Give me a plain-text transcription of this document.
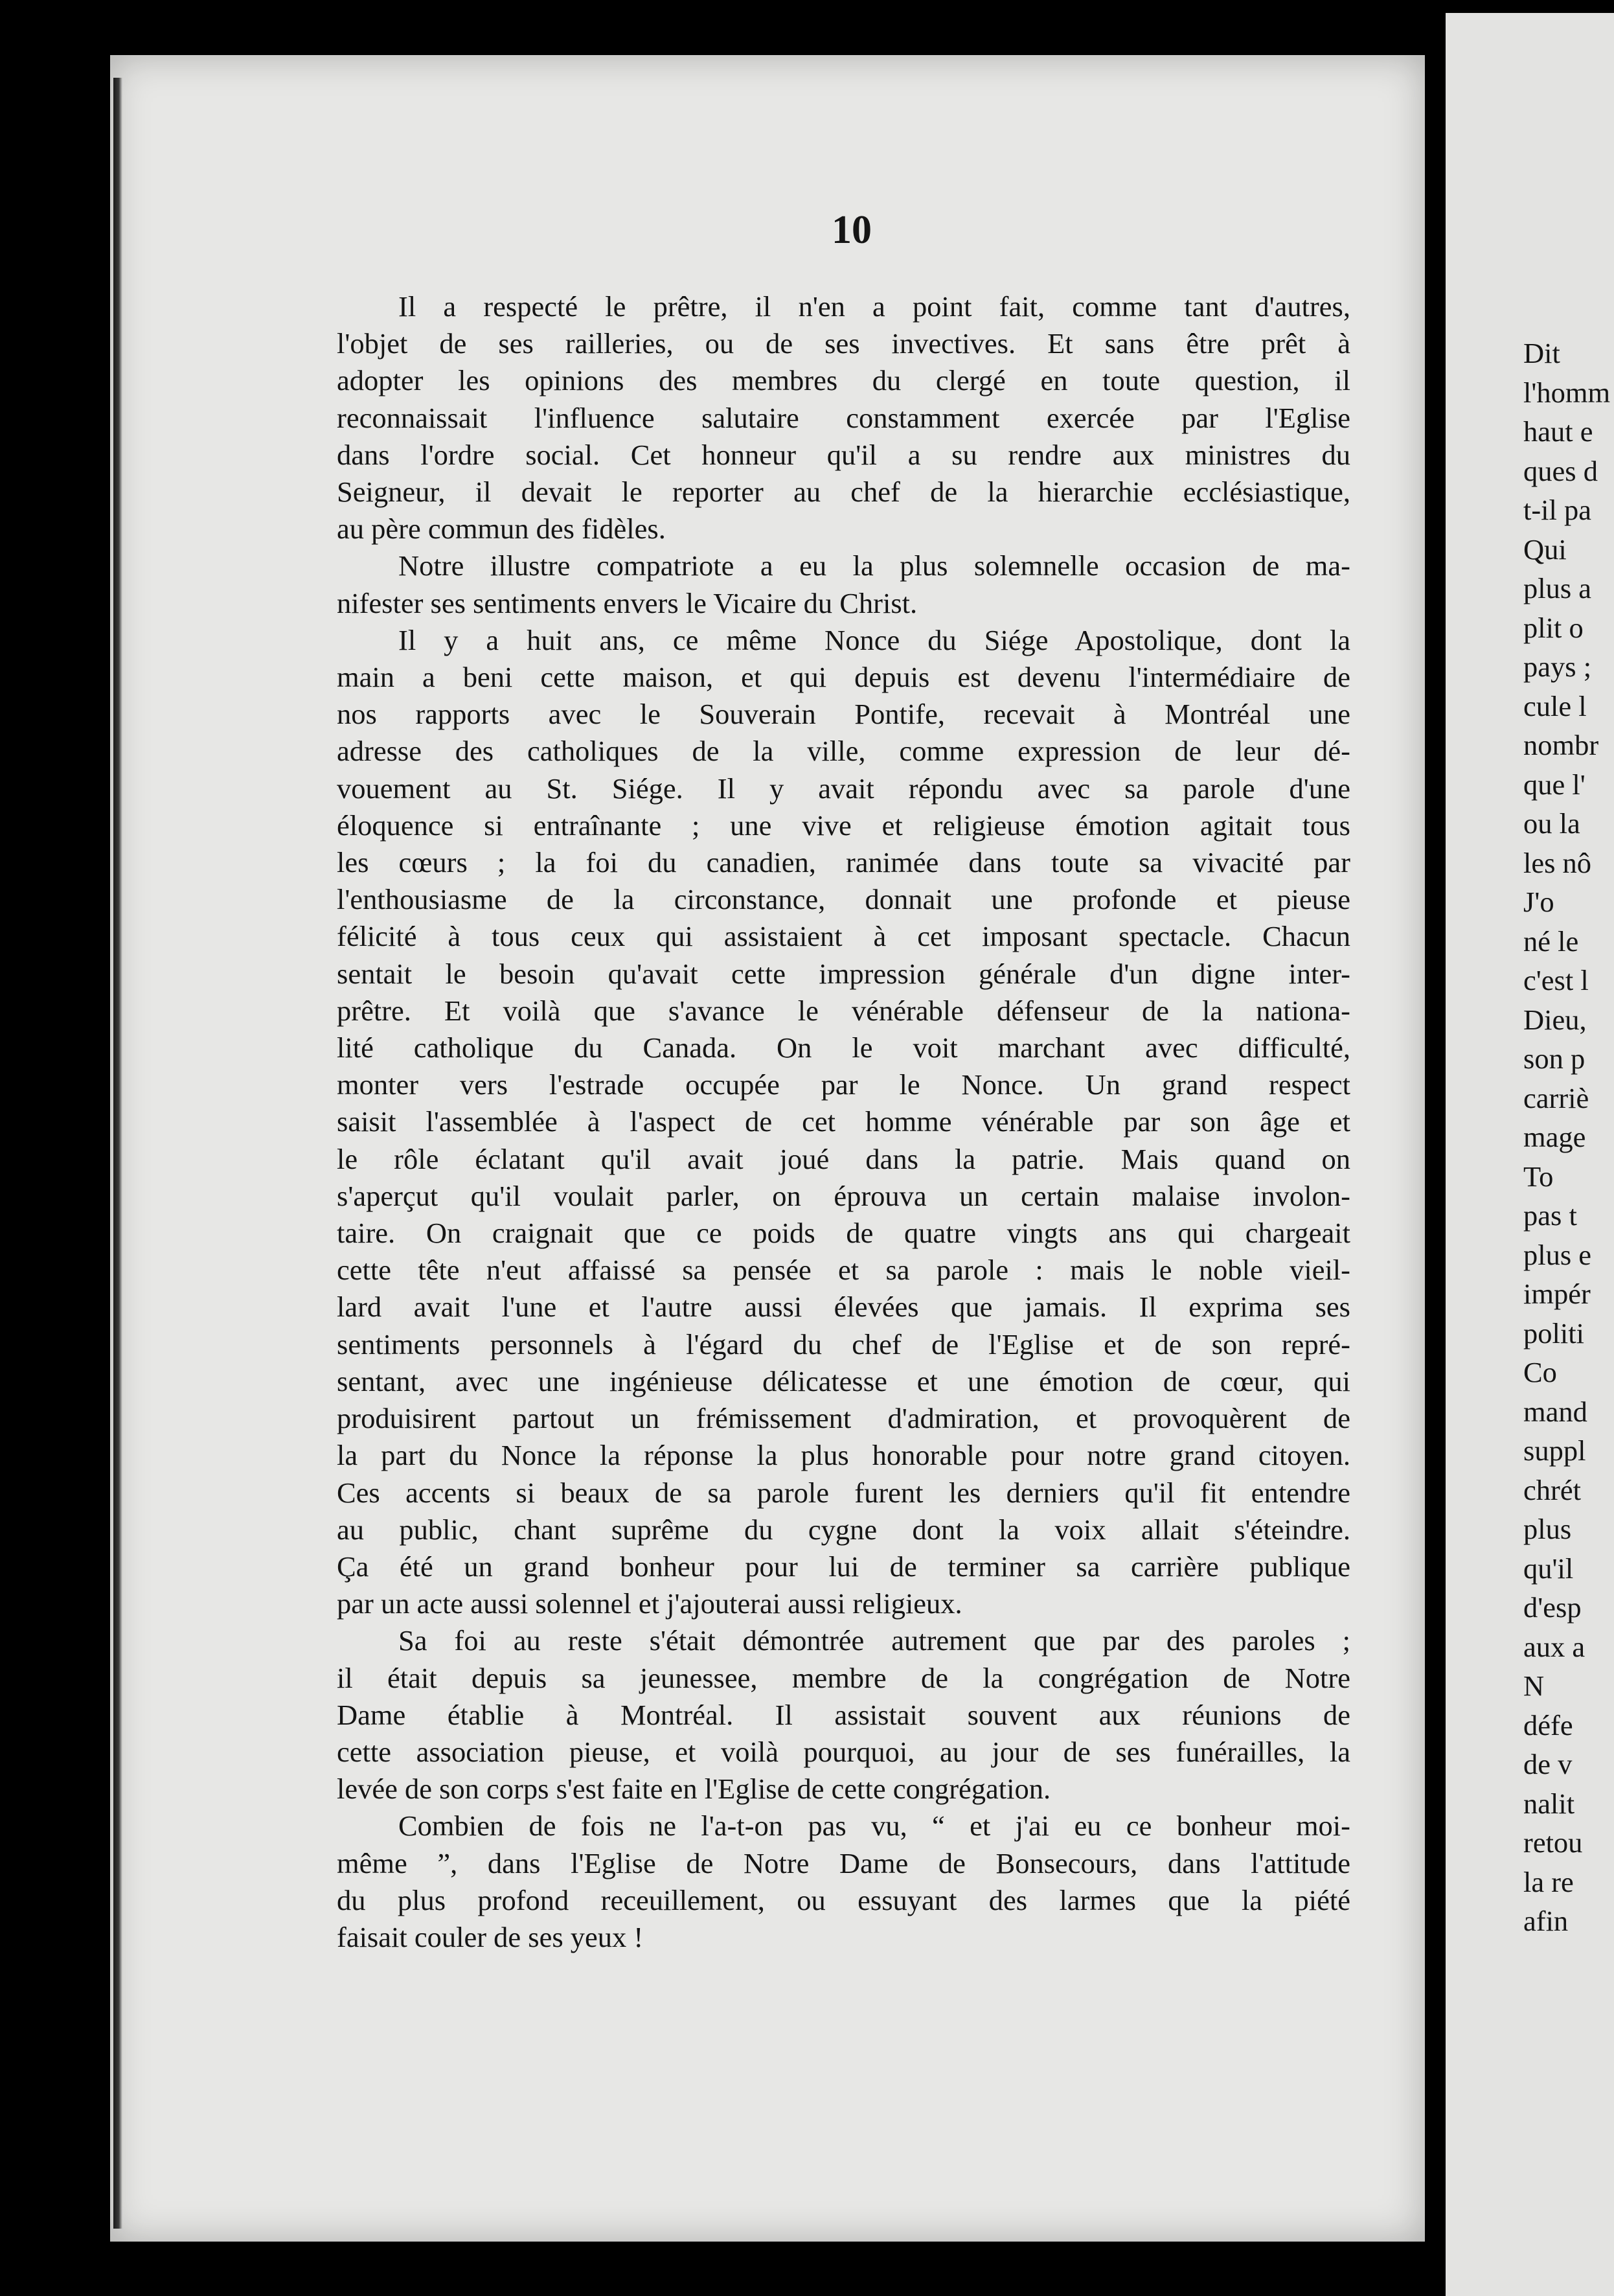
10
Il a respecté le prêtre, il n'en a point fait, comme tant d'autres,
l'objet de ses railleries, ou de ses invectives. Et sans être prêt à
adopter les opinions des membres du clergé en toute question, il
reconnaissait l'influence salutaire constamment exercée par l'Eglise
dans l'ordre social. Cet honneur qu'il a su rendre aux ministres du
Seigneur, il devait le reporter au chef de la hierarchie ecclésiastique,
au père commun des fidèles.
Notre illustre compatriote a eu la plus solemnelle occasion de ma-
nifester ses sentiments envers le Vicaire du Christ.
Il y a huit ans, ce même Nonce du Siége Apostolique, dont la
main a beni cette maison, et qui depuis est devenu l'intermédiaire de
nos rapports avec le Souverain Pontife, recevait à Montréal une
adresse des catholiques de la ville, comme expression de leur dé-
vouement au St. Siége. Il y avait répondu avec sa parole d'une
éloquence si entraînante ; une vive et religieuse émotion agitait tous
les cœurs ; la foi du canadien, ranimée dans toute sa vivacité par
l'enthousiasme de la circonstance, donnait une profonde et pieuse
félicité à tous ceux qui assistaient à cet imposant spectacle. Chacun
sentait le besoin qu'avait cette impression générale d'un digne inter-
prêtre. Et voilà que s'avance le vénérable défenseur de la nationa-
lité catholique du Canada. On le voit marchant avec difficulté,
monter vers l'estrade occupée par le Nonce. Un grand respect
saisit l'assemblée à l'aspect de cet homme vénérable par son âge et
le rôle éclatant qu'il avait joué dans la patrie. Mais quand on
s'aperçut qu'il voulait parler, on éprouva un certain malaise involon-
taire. On craignait que ce poids de quatre vingts ans qui chargeait
cette tête n'eut affaissé sa pensée et sa parole : mais le noble vieil-
lard avait l'une et l'autre aussi élevées que jamais. Il exprima ses
sentiments personnels à l'égard du chef de l'Eglise et de son repré-
sentant, avec une ingénieuse délicatesse et une émotion de cœur, qui
produisirent partout un frémissement d'admiration, et provoquèrent de
la part du Nonce la réponse la plus honorable pour notre grand citoyen.
Ces accents si beaux de sa parole furent les derniers qu'il fit entendre
au public, chant suprême du cygne dont la voix allait s'éteindre.
Ça été un grand bonheur pour lui de terminer sa carrière publique
par un acte aussi solennel et j'ajouterai aussi religieux.
Sa foi au reste s'était démontrée autrement que par des paroles ;
il était depuis sa jeunessee, membre de la congrégation de Notre
Dame établie à Montréal. Il assistait souvent aux réunions de
cette association pieuse, et voilà pourquoi, au jour de ses funérailles, la
levée de son corps s'est faite en l'Eglise de cette congrégation.
Combien de fois ne l'a-t-on pas vu, “ et j'ai eu ce bonheur moi-
même ”, dans l'Eglise de Notre Dame de Bonsecours, dans l'attitude
du plus profond receuillement, ou essuyant des larmes que la piété
faisait couler de ses yeux !
Dit
l'homm
haut e
ques d
t-il pa
Qui
plus a
plit o
pays ;
cule l
nombr
que l'
ou la
les nô
J'o
né le
c'est l
Dieu,
son p
carriè
mage
To
pas t
plus e
impér
politi
Co
mand
suppl
chrét
plus
qu'il
d'esp
aux a
N
défe
de v
nalit
retou
la re
afin
